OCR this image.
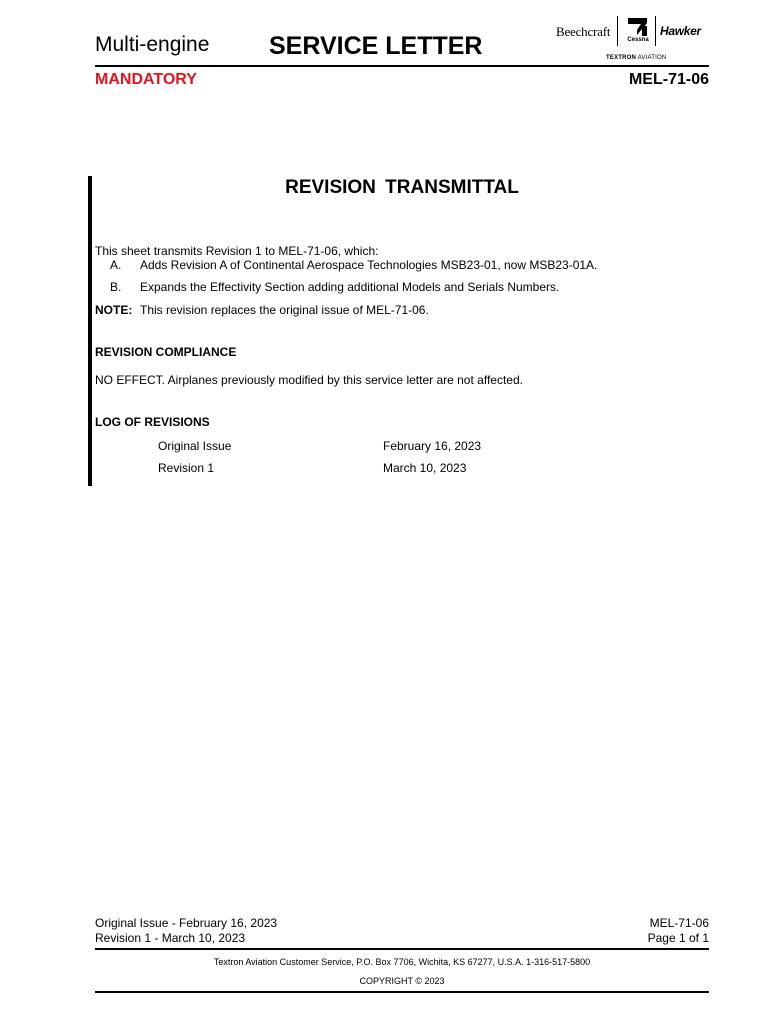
Multi-engine SERVICE LETTER
Beechcraft
Cessna
Hawker
TEXTRON AVIATION
MANDATORY	MEL-71-06
REVISION TRANSMITTAL
This sheet transmits Revision 1 to MEL-71-06, which:
A. Adds Revision A of Continental Aerospace Technologies MSB23-01, now MSB23-01A.
B. Expands the Effectivity Section adding additional Models and Serials Numbers.
NOTE: This revision replaces the original issue of MEL-71-06.
REVISION COMPLIANCE
NO EFFECT. Airplanes previously modified by this service letter are not affected.
LOG OF REVISIONS
Original Issue	February 16, 2023
Revision 1	March 10, 2023
Original Issue - February 16, 2023
Revision 1 - March 10, 2023
MEL-71-06
Page 1 of 1
Textron Aviation Customer Service, P.O. Box 7706, Wichita, KS 67277, U.S.A. 1-316-517-5800
COPYRIGHT © 2023
